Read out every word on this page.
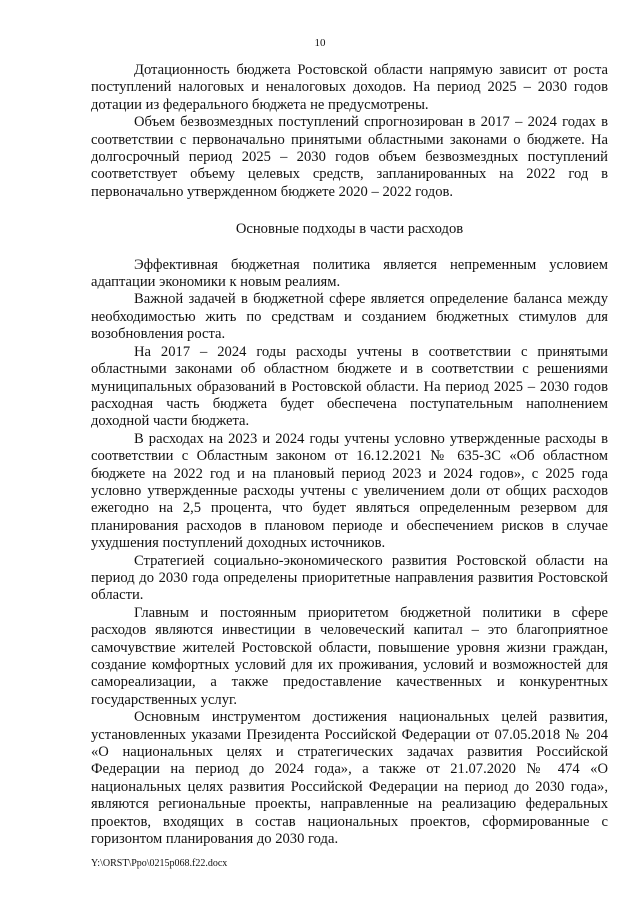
10

Дотационность бюджета Ростовской области напрямую зависит от роста поступлений налоговых и неналоговых доходов. На период 2025 – 2030 годов дотации из федерального бюджета не предусмотрены.

Объем безвозмездных поступлений спрогнозирован в 2017 – 2024 годах в соответствии с первоначально принятыми областными законами о бюджете. На долгосрочный период 2025 – 2030 годов объем безвозмездных поступлений соответствует объему целевых средств, запланированных на 2022 год в первоначально утвержденном бюджете 2020 – 2022 годов.

Основные подходы в части расходов

Эффективная бюджетная политика является непременным условием адаптации экономики к новым реалиям.

Важной задачей в бюджетной сфере является определение баланса между необходимостью жить по средствам и созданием бюджетных стимулов для возобновления роста.

На 2017 – 2024 годы расходы учтены в соответствии с принятыми областными законами об областном бюджете и в соответствии с решениями муниципальных образований в Ростовской области. На период 2025 – 2030 годов расходная часть бюджета будет обеспечена поступательным наполнением доходной части бюджета.

В расходах на 2023 и 2024 годы учтены условно утвержденные расходы в соответствии с Областным законом от 16.12.2021 № 635-ЗС «Об областном бюджете на 2022 год и на плановый период 2023 и 2024 годов», с 2025 года условно утвержденные расходы учтены с увеличением доли от общих расходов ежегодно на 2,5 процента, что будет являться определенным резервом для планирования расходов в плановом периоде и обеспечением рисков в случае ухудшения поступлений доходных источников.

Стратегией социально-экономического развития Ростовской области на период до 2030 года определены приоритетные направления развития Ростовской области.

Главным и постоянным приоритетом бюджетной политики в сфере расходов являются инвестиции в человеческий капитал – это благоприятное самочувствие жителей Ростовской области, повышение уровня жизни граждан, создание комфортных условий для их проживания, условий и возможностей для самореализации, а также предоставление качественных и конкурентных государственных услуг.

Основным инструментом достижения национальных целей развития, установленных указами Президента Российской Федерации от 07.05.2018 № 204 «О национальных целях и стратегических задачах развития Российской Федерации на период до 2024 года», а также от 21.07.2020 № 474 «О национальных целях развития Российской Федерации на период до 2030 года», являются региональные проекты, направленные на реализацию федеральных проектов, входящих в состав национальных проектов, сформированные с горизонтом планирования до 2030 года.

Y:\ORST\Ppo\0215p068.f22.docx
